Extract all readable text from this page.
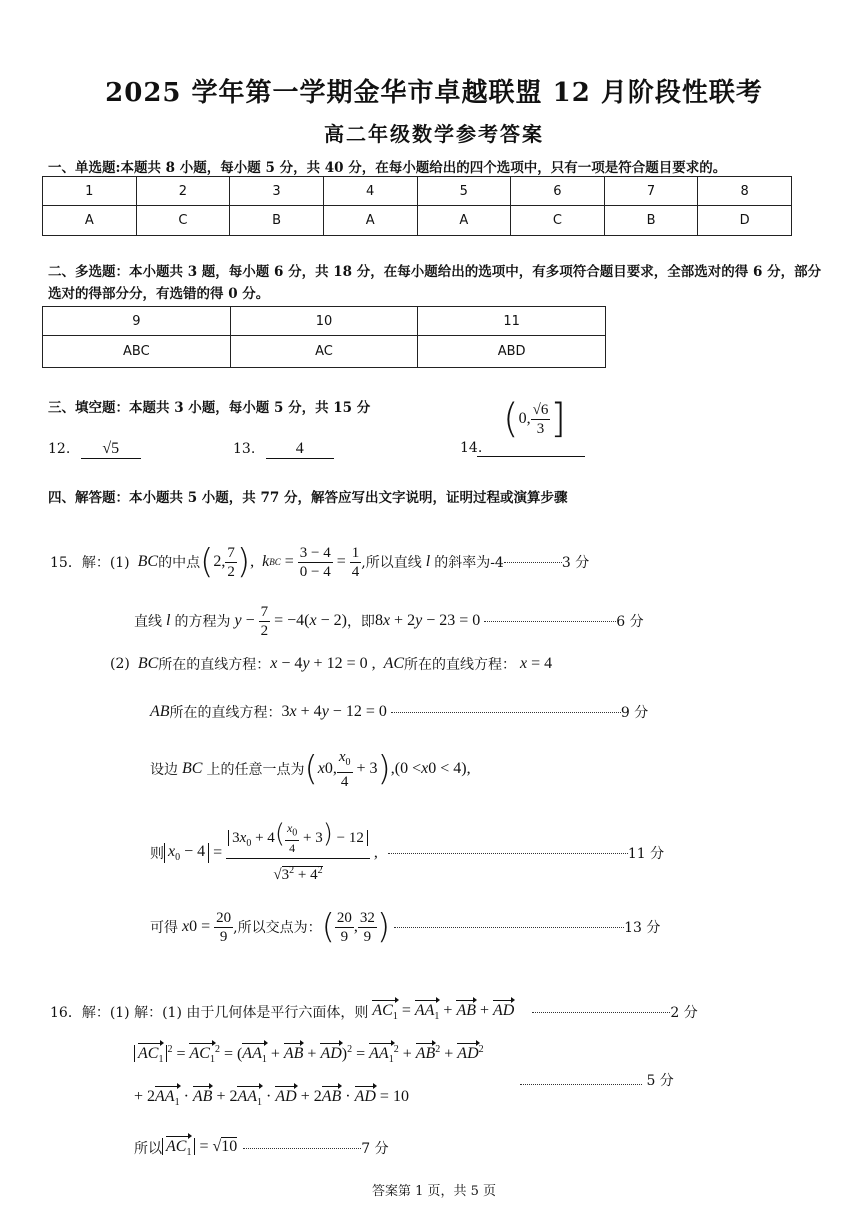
2025 学年第一学期金华市卓越联盟 12 月阶段性联考
高二年级数学参考答案
一、单选题:本题共 8 小题，每小题 5 分，共 40 分，在每小题给出的四个选项中，只有一项是符合题目要求的。
1	2	3	4	5	6	7	8
A	C	B	A	A	C	B	D
二、多选题：本小题共 3 题，每小题 6 分，共 18 分，在每小题给出的选项中，有多项符合题目要求，全部选对的得 6 分，部分选对的得部分分，有选错的得 0 分。
9	10	11
ABC	AC	ABD
三、填空题：本题共 3 小题，每小题 5 分，共 15 分
12. √5	13.	4	14.
(0, $\frac{√6}{3}$ ]
四、解答题：本小题共 5 小题，共 77 分，解答应写出文字说明，证明过程或演算步骤
15．解：(1) BC 的中点 ( 2, $\frac{7}{2}$ ) , k BC = $\frac{3 - 4}{0 - 4} = \frac{1}{4}$ ,所以直线 l 的斜率为-4	3 分
直线 l 的方程为 $y - \frac{7}{2} = -4$( x − 2) ，即 8 x + 2 y − 23 = 0	6 分
(2) BC 所在的直线方程： x − 4 y + 12 = 0 , AC 所在的直线方程： x = 4
AB 所在的直线方程： 3 x + 4 y − 12 = 0	9 分
设边 BC 上的任意一点为 ( x 0 , $\frac{x_0}{4} + 3$ ) ,(0 < x 0 < 4),
则 $x_0 - 4 = \frac{3x_0 + 4( \frac{x_0}{4} + 3) - 12}{√3^2 + 4^2}$ ,	11 分
可得 x $0 = \frac{20}{9}$ ,所以交点为： ( $\frac{20}{9}$ , $\frac{32}{9}$ )	13 分
16．解：(1) 解：(1) 由于几何体是平行六面体，则 $AC_1 = AA_1$ + AB + AD	2 分
$AC_1^2 = AC_1^2 = (AA_1$ + AB + $AD)^2 = AA_1^2 + AB^2 + AD^2$
5 分
+ $2AA_1$ · AB + $2AA_1$ · AD + 2AB · AD = 10
所以 $AC_1 = √10$	7 分
答案第 1 页，共 5 页
